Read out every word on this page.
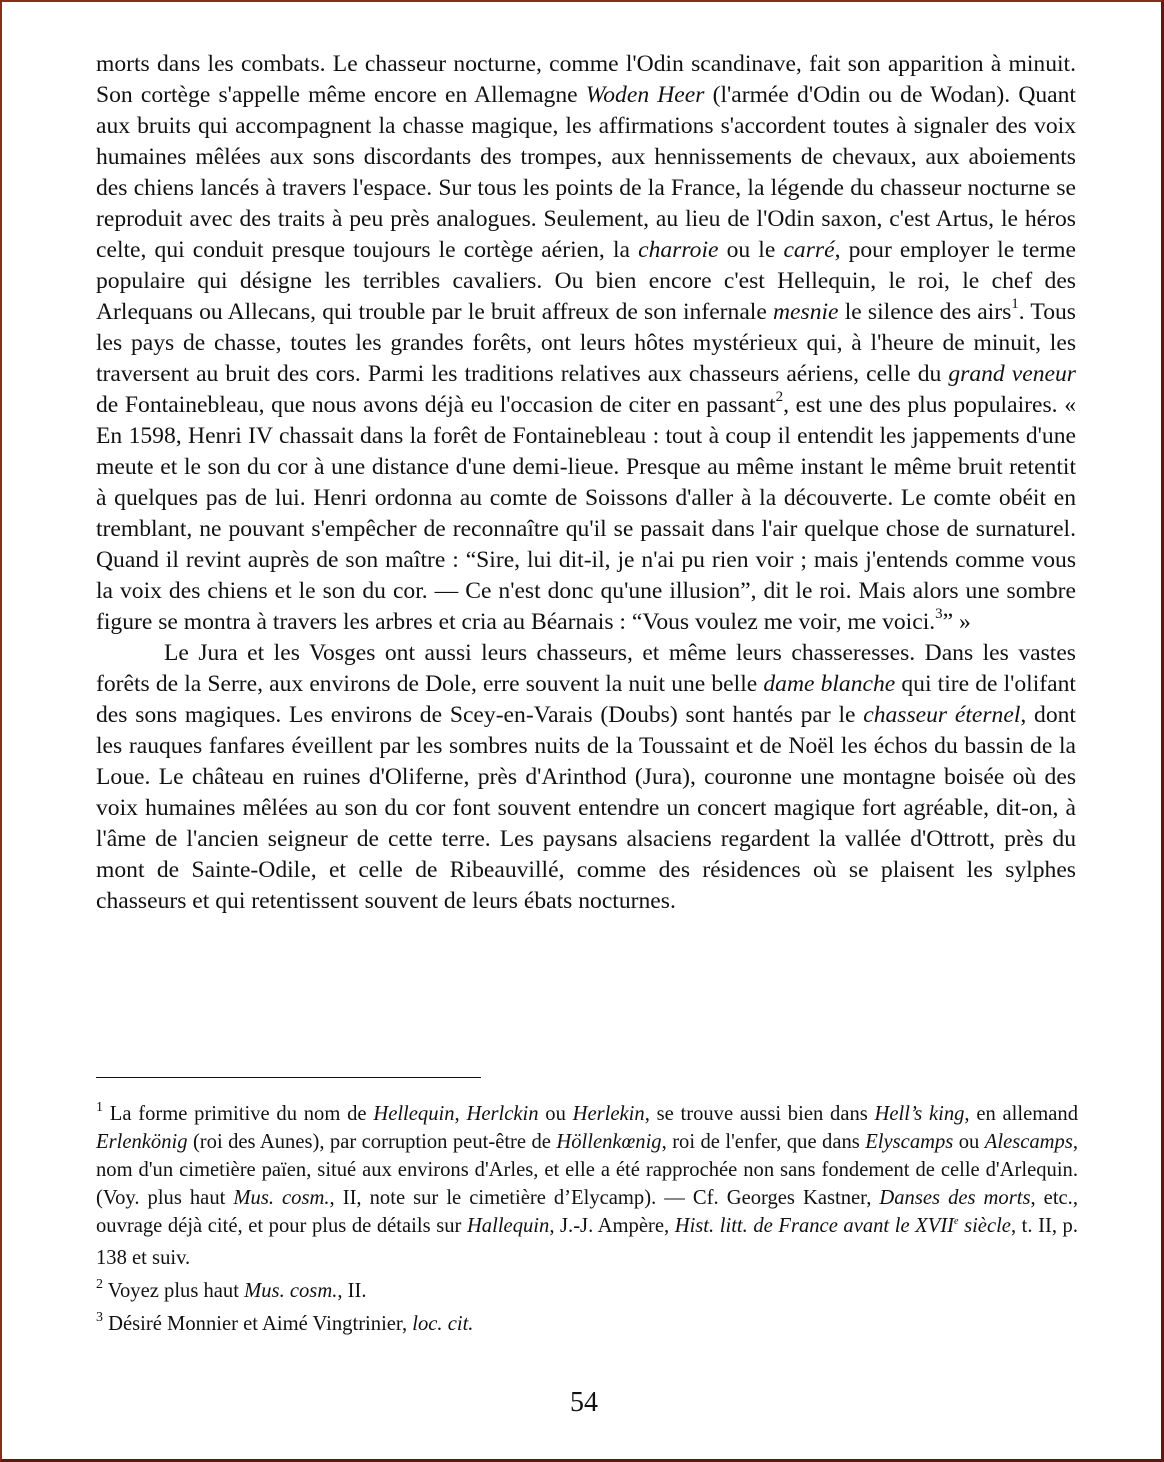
morts dans les combats. Le chasseur nocturne, comme l'Odin scandinave, fait son apparition à minuit. Son cortège s'appelle même encore en Allemagne Woden Heer (l'armée d'Odin ou de Wodan). Quant aux bruits qui accompagnent la chasse magique, les affirmations s'accordent toutes à signaler des voix humaines mêlées aux sons discordants des trompes, aux hennissements de chevaux, aux aboiements des chiens lancés à travers l'espace. Sur tous les points de la France, la légende du chasseur nocturne se reproduit avec des traits à peu près analogues. Seulement, au lieu de l'Odin saxon, c'est Artus, le héros celte, qui conduit presque toujours le cortège aérien, la charroie ou le carré, pour employer le terme populaire qui désigne les terribles cavaliers. Ou bien encore c'est Hellequin, le roi, le chef des Arlequans ou Allecans, qui trouble par le bruit affreux de son infernale mesnie le silence des airs$^1$. Tous les pays de chasse, toutes les grandes forêts, ont leurs hôtes mystérieux qui, à l'heure de minuit, les traversent au bruit des cors. Parmi les traditions relatives aux chasseurs aériens, celle du grand veneur de Fontainebleau, que nous avons déjà eu l'occasion de citer en passant$^2$, est une des plus populaires. « En 1598, Henri IV chassait dans la forêt de Fontainebleau : tout à coup il entendit les jappements d'une meute et le son du cor à une distance d'une demi-lieue. Presque au même instant le même bruit retentit à quelques pas de lui. Henri ordonna au comte de Soissons d'aller à la découverte. Le comte obéit en tremblant, ne pouvant s'empêcher de reconnaître qu'il se passait dans l'air quelque chose de surnaturel. Quand il revint auprès de son maître : “Sire, lui dit-il, je n'ai pu rien voir ; mais j'entends comme vous la voix des chiens et le son du cor. — Ce n'est donc qu'une illusion”, dit le roi. Mais alors une sombre figure se montra à travers les arbres et cria au Béarnais : “Vous voulez me voir, me voici.$^3$” »

Le Jura et les Vosges ont aussi leurs chasseurs, et même leurs chasseresses. Dans les vastes forêts de la Serre, aux environs de Dole, erre souvent la nuit une belle dame blanche qui tire de l'olifant des sons magiques. Les environs de Scey-en-Varais (Doubs) sont hantés par le chasseur éternel, dont les rauques fanfares éveillent par les sombres nuits de la Toussaint et de Noël les échos du bassin de la Loue. Le château en ruines d'Oliferne, près d'Arinthod (Jura), couronne une montagne boisée où des voix humaines mêlées au son du cor font souvent entendre un concert magique fort agréable, dit-on, à l'âme de l'ancien seigneur de cette terre. Les paysans alsaciens regardent la vallée d'Ottrott, près du mont de Sainte-Odile, et celle de Ribeauvillé, comme des résidences où se plaisent les sylphes chasseurs et qui retentissent souvent de leurs ébats nocturnes.

$^1$ La forme primitive du nom de Hellequin, Herlckin ou Herlekin, se trouve aussi bien dans Hell’s king, en allemand Erlenkönig (roi des Aunes), par corruption peut-être de Höllenkœnig, roi de l'enfer, que dans Elyscamps ou Alescamps, nom d'un cimetière païen, situé aux environs d'Arles, et elle a été rapprochée non sans fondement de celle d'Arlequin. (Voy. plus haut Mus. cosm., II, note sur le cimetière d’Elycamp). — Cf. Georges Kastner, Danses des morts, etc., ouvrage déjà cité, et pour plus de détails sur Hallequin, J.-J. Ampère, Hist. litt. de France avant le XVIIe siècle, t. II, p. 138 et suiv.

$^2$ Voyez plus haut Mus. cosm., II.

$^3$ Désiré Monnier et Aimé Vingtrinier, loc. cit.

54
